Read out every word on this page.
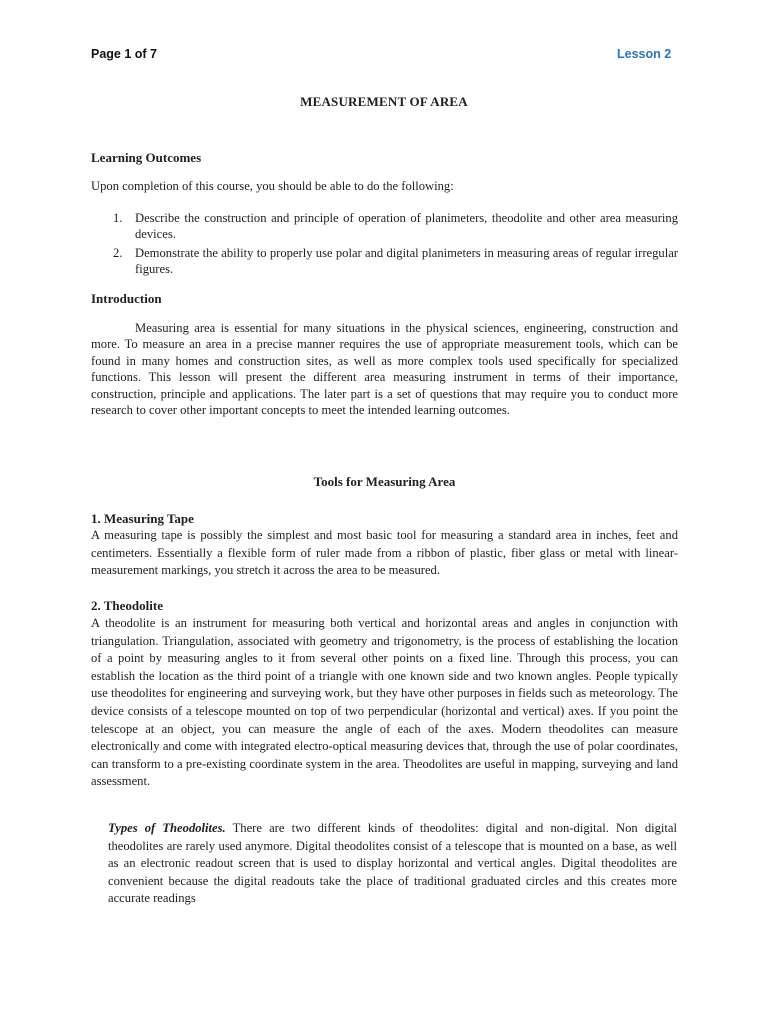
Page 1 of 7	Lesson 2
MEASUREMENT OF AREA
Learning Outcomes
Upon completion of this course, you should be able to do the following:
1. Describe the construction and principle of operation of planimeters, theodolite and other area measuring devices.
2. Demonstrate the ability to properly use polar and digital planimeters in measuring areas of regular irregular figures.
Introduction
Measuring area is essential for many situations in the physical sciences, engineering, construction and more. To measure an area in a precise manner requires the use of appropriate measurement tools, which can be found in many homes and construction sites, as well as more complex tools used specifically for specialized functions. This lesson will present the different area measuring instrument in terms of their importance, construction, principle and applications. The later part is a set of questions that may require you to conduct more research to cover other important concepts to meet the intended learning outcomes.
Tools for Measuring Area
1. Measuring Tape
A measuring tape is possibly the simplest and most basic tool for measuring a standard area in inches, feet and centimeters. Essentially a flexible form of ruler made from a ribbon of plastic, fiber glass or metal with linear-measurement markings, you stretch it across the area to be measured.
2. Theodolite
A theodolite is an instrument for measuring both vertical and horizontal areas and angles in conjunction with triangulation. Triangulation, associated with geometry and trigonometry, is the process of establishing the location of a point by measuring angles to it from several other points on a fixed line. Through this process, you can establish the location as the third point of a triangle with one known side and two known angles. People typically use theodolites for engineering and surveying work, but they have other purposes in fields such as meteorology. The device consists of a telescope mounted on top of two perpendicular (horizontal and vertical) axes. If you point the telescope at an object, you can measure the angle of each of the axes. Modern theodolites can measure electronically and come with integrated electro-optical measuring devices that, through the use of polar coordinates, can transform to a pre-existing coordinate system in the area. Theodolites are useful in mapping, surveying and land assessment.
Types of Theodolites. There are two different kinds of theodolites: digital and non-digital. Non digital theodolites are rarely used anymore. Digital theodolites consist of a telescope that is mounted on a base, as well as an electronic readout screen that is used to display horizontal and vertical angles. Digital theodolites are convenient because the digital readouts take the place of traditional graduated circles and this creates more accurate readings
